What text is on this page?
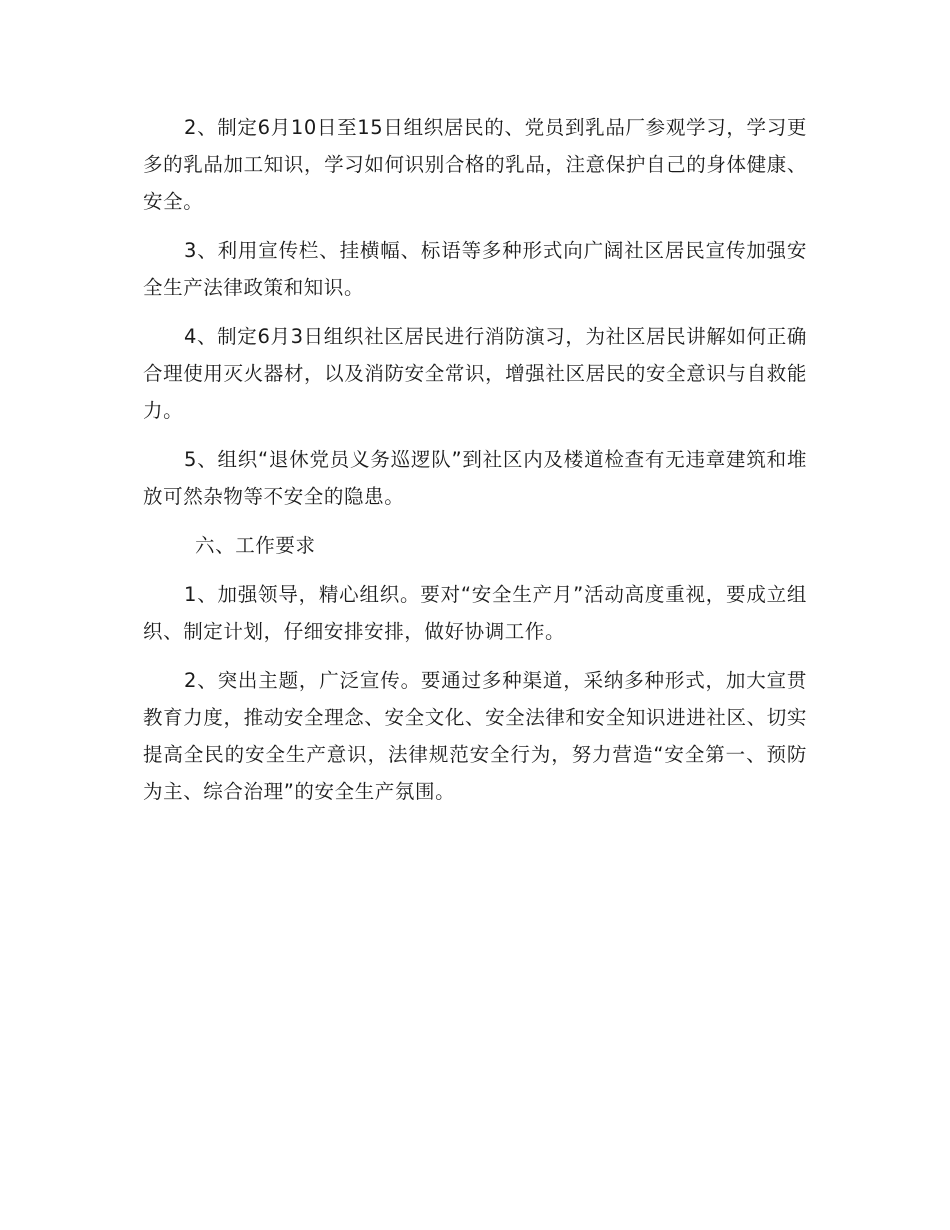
2、制定6月10日至15日组织居民的、党员到乳品厂参观学习，学习更多的乳品加工知识，学习如何识别合格的乳品，注意保护自己的身体健康、安全。

3、利用宣传栏、挂横幅、标语等多种形式向广阔社区居民宣传加强安全生产法律政策和知识。

4、制定6月3日组织社区居民进行消防演习，为社区居民讲解如何正确合理使用灭火器材，以及消防安全常识，增强社区居民的安全意识与自救能力。

5、组织“退休党员义务巡逻队”到社区内及楼道检查有无违章建筑和堆放可然杂物等不安全的隐患。

六、工作要求

1、加强领导，精心组织。要对“安全生产月”活动高度重视，要成立组织、制定计划，仔细安排安排，做好协调工作。

2、突出主题，广泛宣传。要通过多种渠道，采纳多种形式，加大宣贯教育力度，推动安全理念、安全文化、安全法律和安全知识进进社区、切实提高全民的安全生产意识，法律规范安全行为，努力营造“安全第一、预防为主、综合治理”的安全生产氛围。
